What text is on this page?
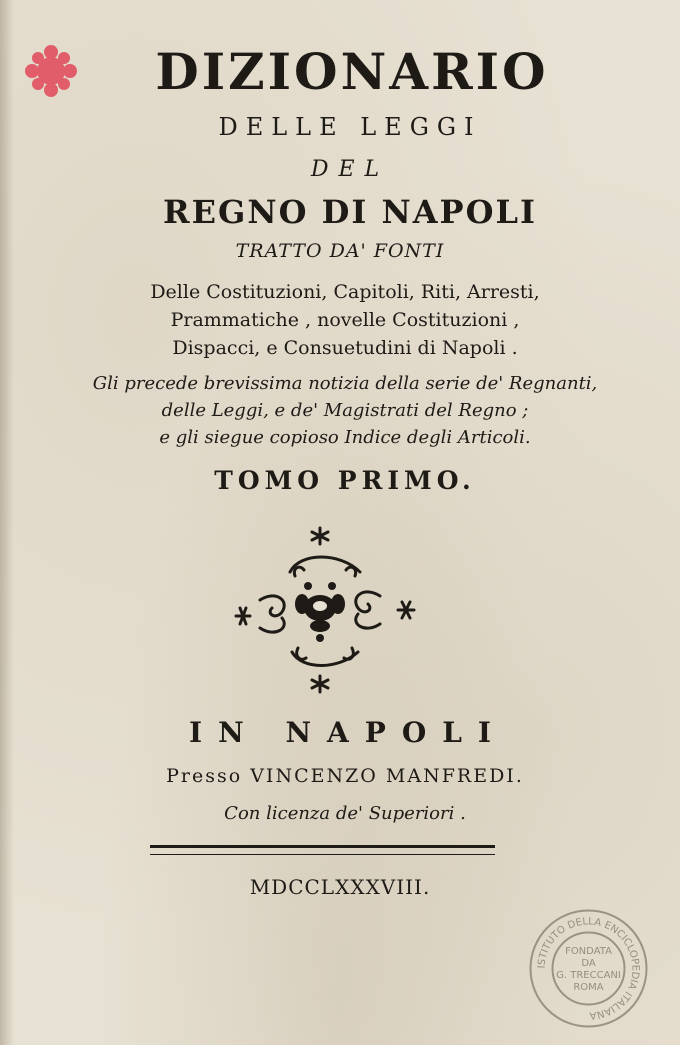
DIZIONARIO
DELLE LEGGI
DEL
REGNO DI NAPOLI
TRATTO DA' FONTI
Delle Costituzioni, Capitoli, Riti, Arresti,
Prammatiche , novelle Costituzioni ,
Dispacci, e Consuetudini di Napoli .
Gli precede brevissima notizia della serie de' Regnanti,
delle Leggi, e de' Magistrati del Regno ;
e gli siegue copioso Indice degli Articoli.
TOMO PRIMO.
IN NAPOLI
Presso VINCENZO MANFREDI.
Con licenza de' Superiori .
MDCCLXXXVIII.
ISTITUTO DELLA ENCICLOPEDIA ITALIANA
FONDATA
DA
G. TRECCANI
ROMA
